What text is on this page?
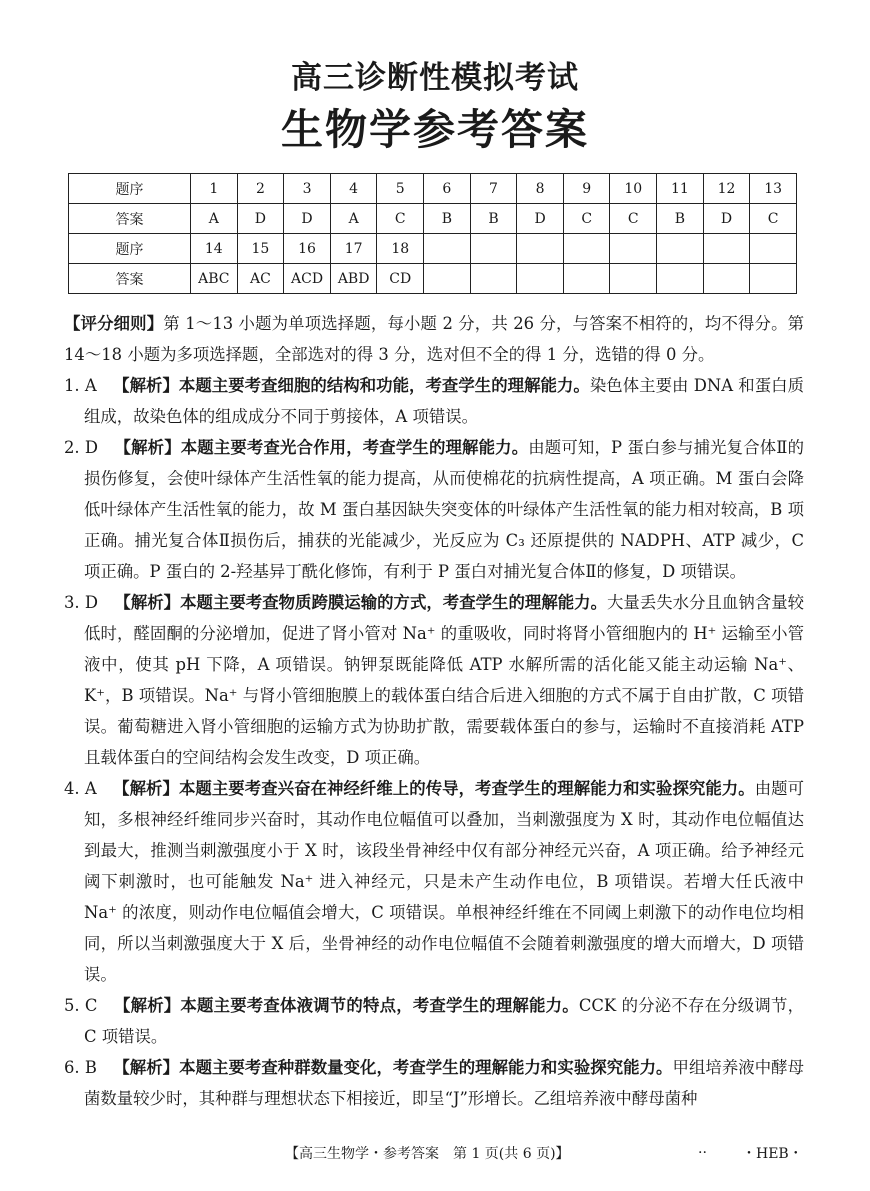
高三诊断性模拟考试
生物学参考答案
题序	1	2	3	4	5	6	7	8	9	10	11	12	13
答案	A	D	D	A	C	B	B	D	C	C	B	D	C
题序	14	15	16	17	18								
答案	ABC	AC	ACD	ABD	CD								

【评分细则】第 1～13 小题为单项选择题，每小题 2 分，共 26 分，与答案不相符的，均不得分。第 14～18 小题为多项选择题，全部选对的得 3 分，选对但不全的得 1 分，选错的得 0 分。

1. A  【解析】本题主要考查细胞的结构和功能，考查学生的理解能力。染色体主要由 DNA 和蛋白质组成，故染色体的组成成分不同于剪接体，A 项错误。

2. D  【解析】本题主要考查光合作用，考查学生的理解能力。由题可知，P 蛋白参与捕光复合体Ⅱ的损伤修复，会使叶绿体产生活性氧的能力提高，从而使棉花的抗病性提高，A 项正确。M 蛋白会降低叶绿体产生活性氧的能力，故 M 蛋白基因缺失突变体的叶绿体产生活性氧的能力相对较高，B 项正确。捕光复合体Ⅱ损伤后，捕获的光能减少，光反应为 C₃ 还原提供的 NADPH、ATP 减少，C 项正确。P 蛋白的 2-羟基异丁酰化修饰，有利于 P 蛋白对捕光复合体Ⅱ的修复，D 项错误。

3. D  【解析】本题主要考查物质跨膜运输的方式，考查学生的理解能力。大量丢失水分且血钠含量较低时，醛固酮的分泌增加，促进了肾小管对 Na⁺ 的重吸收，同时将肾小管细胞内的 H⁺ 运输至小管液中，使其 pH 下降，A 项错误。钠钾泵既能降低 ATP 水解所需的活化能又能主动运输 Na⁺、K⁺，B 项错误。Na⁺ 与肾小管细胞膜上的载体蛋白结合后进入细胞的方式不属于自由扩散，C 项错误。葡萄糖进入肾小管细胞的运输方式为协助扩散，需要载体蛋白的参与，运输时不直接消耗 ATP 且载体蛋白的空间结构会发生改变，D 项正确。

4. A  【解析】本题主要考查兴奋在神经纤维上的传导，考查学生的理解能力和实验探究能力。由题可知，多根神经纤维同步兴奋时，其动作电位幅值可以叠加，当刺激强度为 X 时，其动作电位幅值达到最大，推测当刺激强度小于 X 时，该段坐骨神经中仅有部分神经元兴奋，A 项正确。给予神经元阈下刺激时，也可能触发 Na⁺ 进入神经元，只是未产生动作电位，B 项错误。若增大任氏液中 Na⁺ 的浓度，则动作电位幅值会增大，C 项错误。单根神经纤维在不同阈上刺激下的动作电位均相同，所以当刺激强度大于 X 后，坐骨神经的动作电位幅值不会随着刺激强度的增大而增大，D 项错误。

5. C  【解析】本题主要考查体液调节的特点，考查学生的理解能力。CCK 的分泌不存在分级调节，C 项错误。

6. B  【解析】本题主要考查种群数量变化，考查学生的理解能力和实验探究能力。甲组培养液中酵母菌数量较少时，其种群与理想状态下相接近，即呈“J”形增长。乙组培养液中酵母菌种

【高三生物学・参考答案　第 1 页(共 6 页)】	..	・HEB・
